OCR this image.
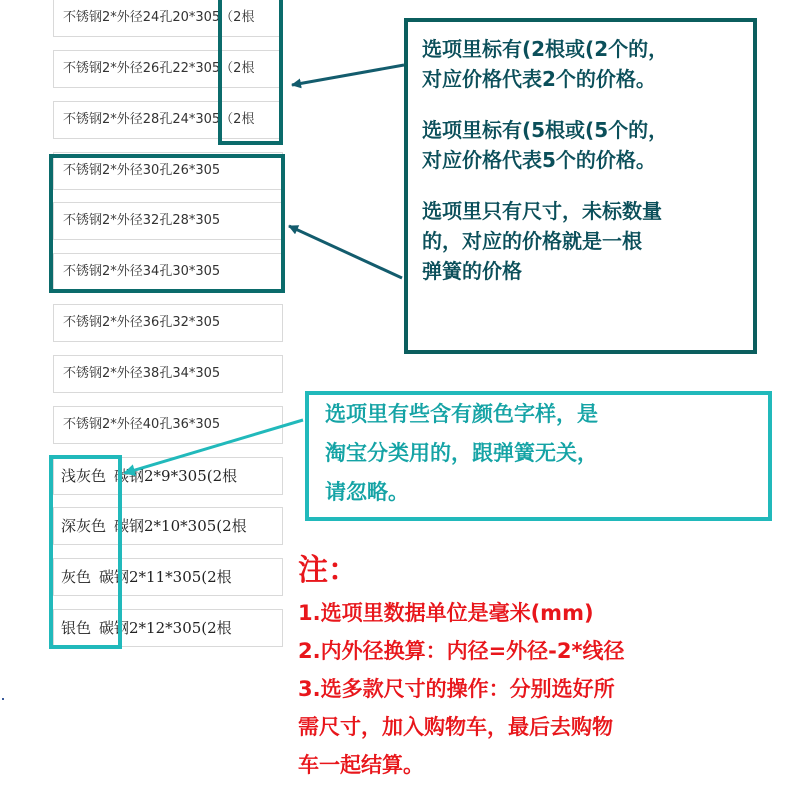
不锈钢2*外径24孔20*305（2根
不锈钢2*外径26孔22*305（2根
不锈钢2*外径28孔24*305（2根
不锈钢2*外径30孔26*305
不锈钢2*外径32孔28*305
不锈钢2*外径34孔30*305
不锈钢2*外径36孔32*305
不锈钢2*外径38孔34*305
不锈钢2*外径40孔36*305
浅灰色 碳钢2*9*305(2根
深灰色 碳钢2*10*305(2根
灰色 碳钢2*11*305(2根
银色 碳钢2*12*305(2根

选项里标有(2根或(2个的，
对应价格代表2个的价格。

选项里标有(5根或(5个的，
对应价格代表5个的价格。

选项里只有尺寸，未标数量
的，对应的价格就是一根
弹簧的价格

选项里有些含有颜色字样，是
淘宝分类用的，跟弹簧无关，
请忽略。
注：

1.选项里数据单位是毫米(mm)

2.内外径换算：内径=外径-2*线径

3.选多款尺寸的操作：分别选好所

需尺寸，加入购物车，最后去购物

车一起结算。
